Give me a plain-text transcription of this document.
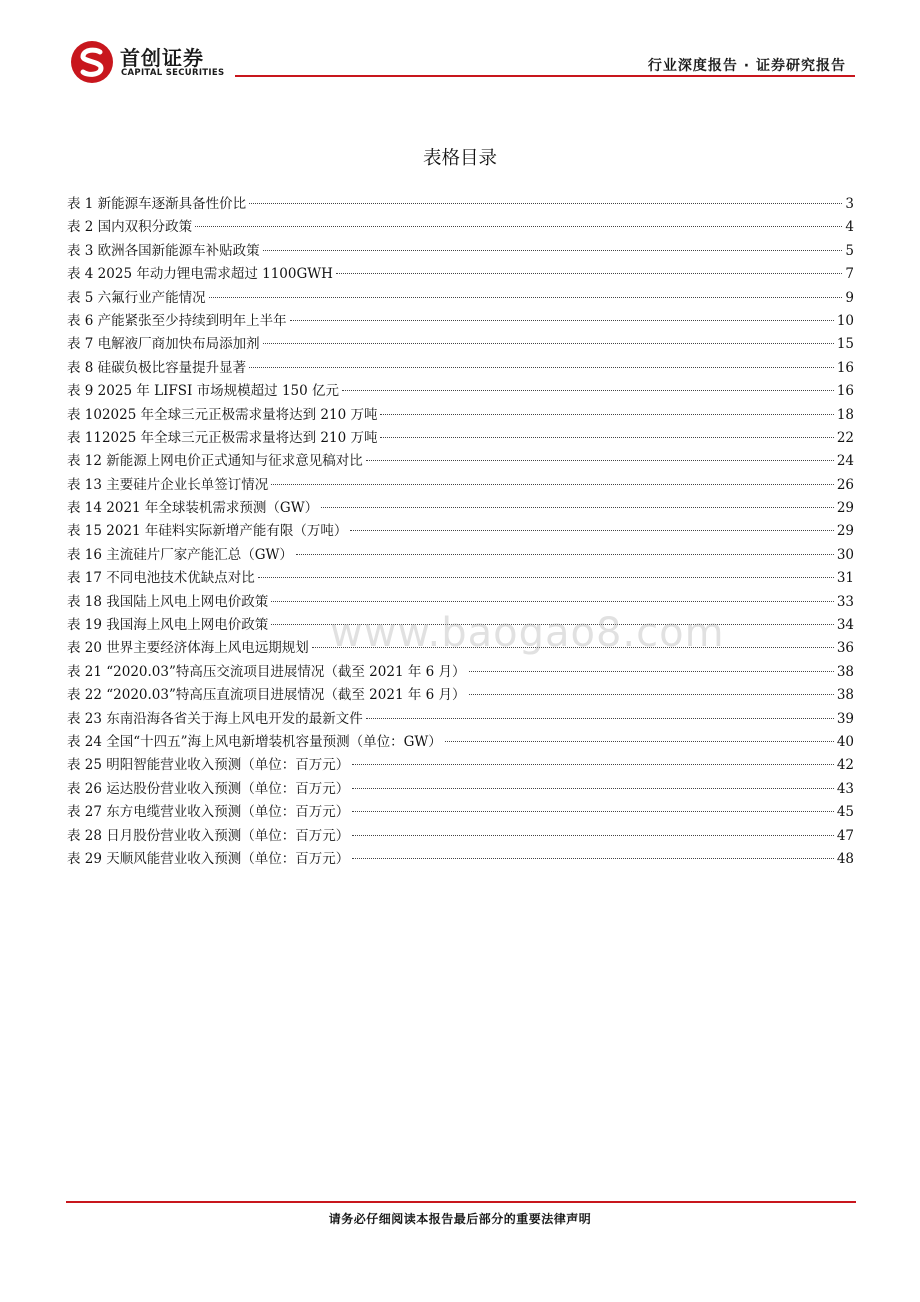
首创证券
CAPITAL SECURITIES	行业深度报告 · 证券研究报告
表格目录
表 1 新能源车逐渐具备性价比	3
表 2 国内双积分政策	4
表 3 欧洲各国新能源车补贴政策	5
表 4 2025 年动力锂电需求超过 1100GWH	7
表 5 六氟行业产能情况	9
表 6 产能紧张至少持续到明年上半年	10
表 7 电解液厂商加快布局添加剂	15
表 8 硅碳负极比容量提升显著	16
表 9 2025 年 LIFSI 市场规模超过 150 亿元	16
表 102025 年全球三元正极需求量将达到 210 万吨	18
表 112025 年全球三元正极需求量将达到 210 万吨	22
表 12 新能源上网电价正式通知与征求意见稿对比	24
表 13 主要硅片企业长单签订情况	26
表 14 2021 年全球装机需求预测（GW）	29
表 15 2021 年硅料实际新增产能有限（万吨）	29
表 16 主流硅片厂家产能汇总（GW）	30
表 17 不同电池技术优缺点对比	31
表 18 我国陆上风电上网电价政策	33
表 19 我国海上风电上网电价政策	34
表 20 世界主要经济体海上风电远期规划	36
表 21 “2020.03”特高压交流项目进展情况（截至 2021 年 6 月）	38
表 22 “2020.03”特高压直流项目进展情况（截至 2021 年 6 月）	38
表 23 东南沿海各省关于海上风电开发的最新文件	39
表 24 全国“十四五”海上风电新增装机容量预测（单位：GW）	40
表 25 明阳智能营业收入预测（单位：百万元）	42
表 26 运达股份营业收入预测（单位：百万元）	43
表 27 东方电缆营业收入预测（单位：百万元）	45
表 28 日月股份营业收入预测（单位：百万元）	47
表 29 天顺风能营业收入预测（单位：百万元）	48
www.baogao8.com
请务必仔细阅读本报告最后部分的重要法律声明
